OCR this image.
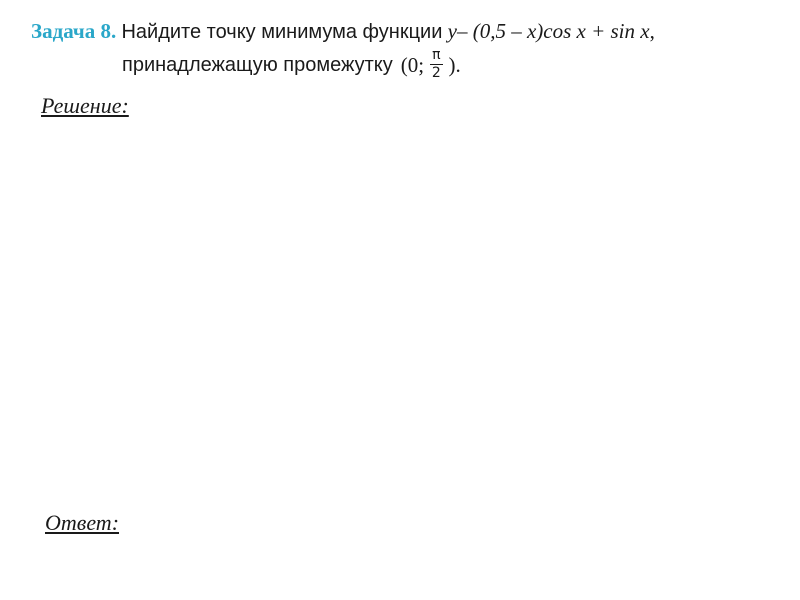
Задача 8. Найдите точку минимума функции y– (0,5 – x)cos x + sin x,
принадлежащую промежутку (0; $\frac{\pi}{2}$ ).
Решение:
Ответ:
